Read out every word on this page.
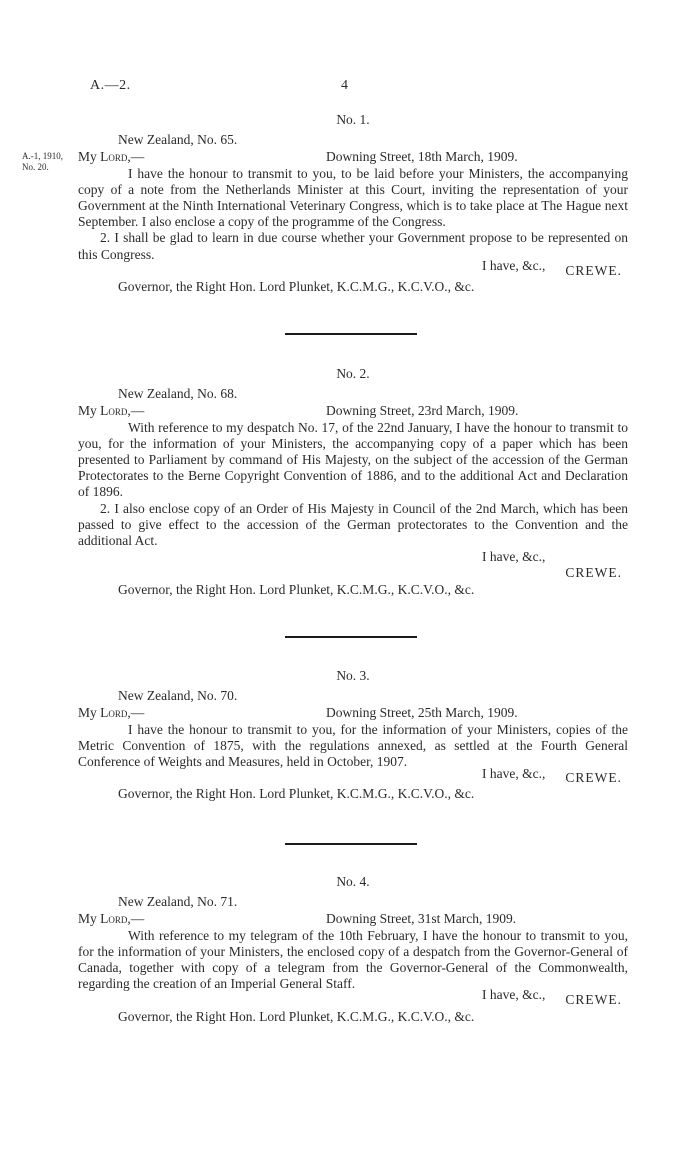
A.—2.	4
A.-1, 1910,
No. 20.
No. 1.
New Zealand, No. 65.
My Lord,—	Downing Street, 18th March, 1909.

I have the honour to transmit to you, to be laid before your Ministers, the accompanying copy of a note from the Netherlands Minister at this Court, inviting the representation of your Government at the Ninth International Veterinary Congress, which is to take place at The Hague next September. I also enclose a copy of the programme of the Congress.

2. I shall be glad to learn in due course whether your Government propose to be represented on this Congress.

CREWE.
Governor, the Right Hon. Lord Plunket, K.C.M.G., K.C.V.O., &c.
I have, &c.,
No. 2.
New Zealand, No. 68.
My Lord,—	Downing Street, 23rd March, 1909.

With reference to my despatch No. 17, of the 22nd January, I have the honour to transmit to you, for the information of your Ministers, the accompanying copy of a paper which has been presented to Parliament by command of His Majesty, on the subject of the accession of the German Protectorates to the Berne Copyright Convention of 1886, and to the additional Act and Declaration of 1896.

2. I also enclose copy of an Order of His Majesty in Council of the 2nd March, which has been passed to give effect to the accession of the German protectorates to the Convention and the additional Act.

I have, &c.,
CREWE.
Governor, the Right Hon. Lord Plunket, K.C.M.G., K.C.V.O., &c.
No. 3.
New Zealand, No. 70.
My Lord,—	Downing Street, 25th March, 1909.

I have the honour to transmit to you, for the information of your Ministers, copies of the Metric Convention of 1875, with the regulations annexed, as settled at the Fourth General Conference of Weights and Measures, held in October, 1907.

CREWE.
Governor, the Right Hon. Lord Plunket, K.C.M.G., K.C.V.O., &c.
I have, &c.,
No. 4.
New Zealand, No. 71.
My Lord,—	Downing Street, 31st March, 1909.

With reference to my telegram of the 10th February, I have the honour to transmit to you, for the information of your Ministers, the enclosed copy of a despatch from the Governor-General of Canada, together with copy of a telegram from the Governor-General of the Commonwealth, regarding the creation of an Imperial General Staff.

CREWE.
Governor, the Right Hon. Lord Plunket, K.C.M.G., K.C.V.O., &c.
I have, &c.,
